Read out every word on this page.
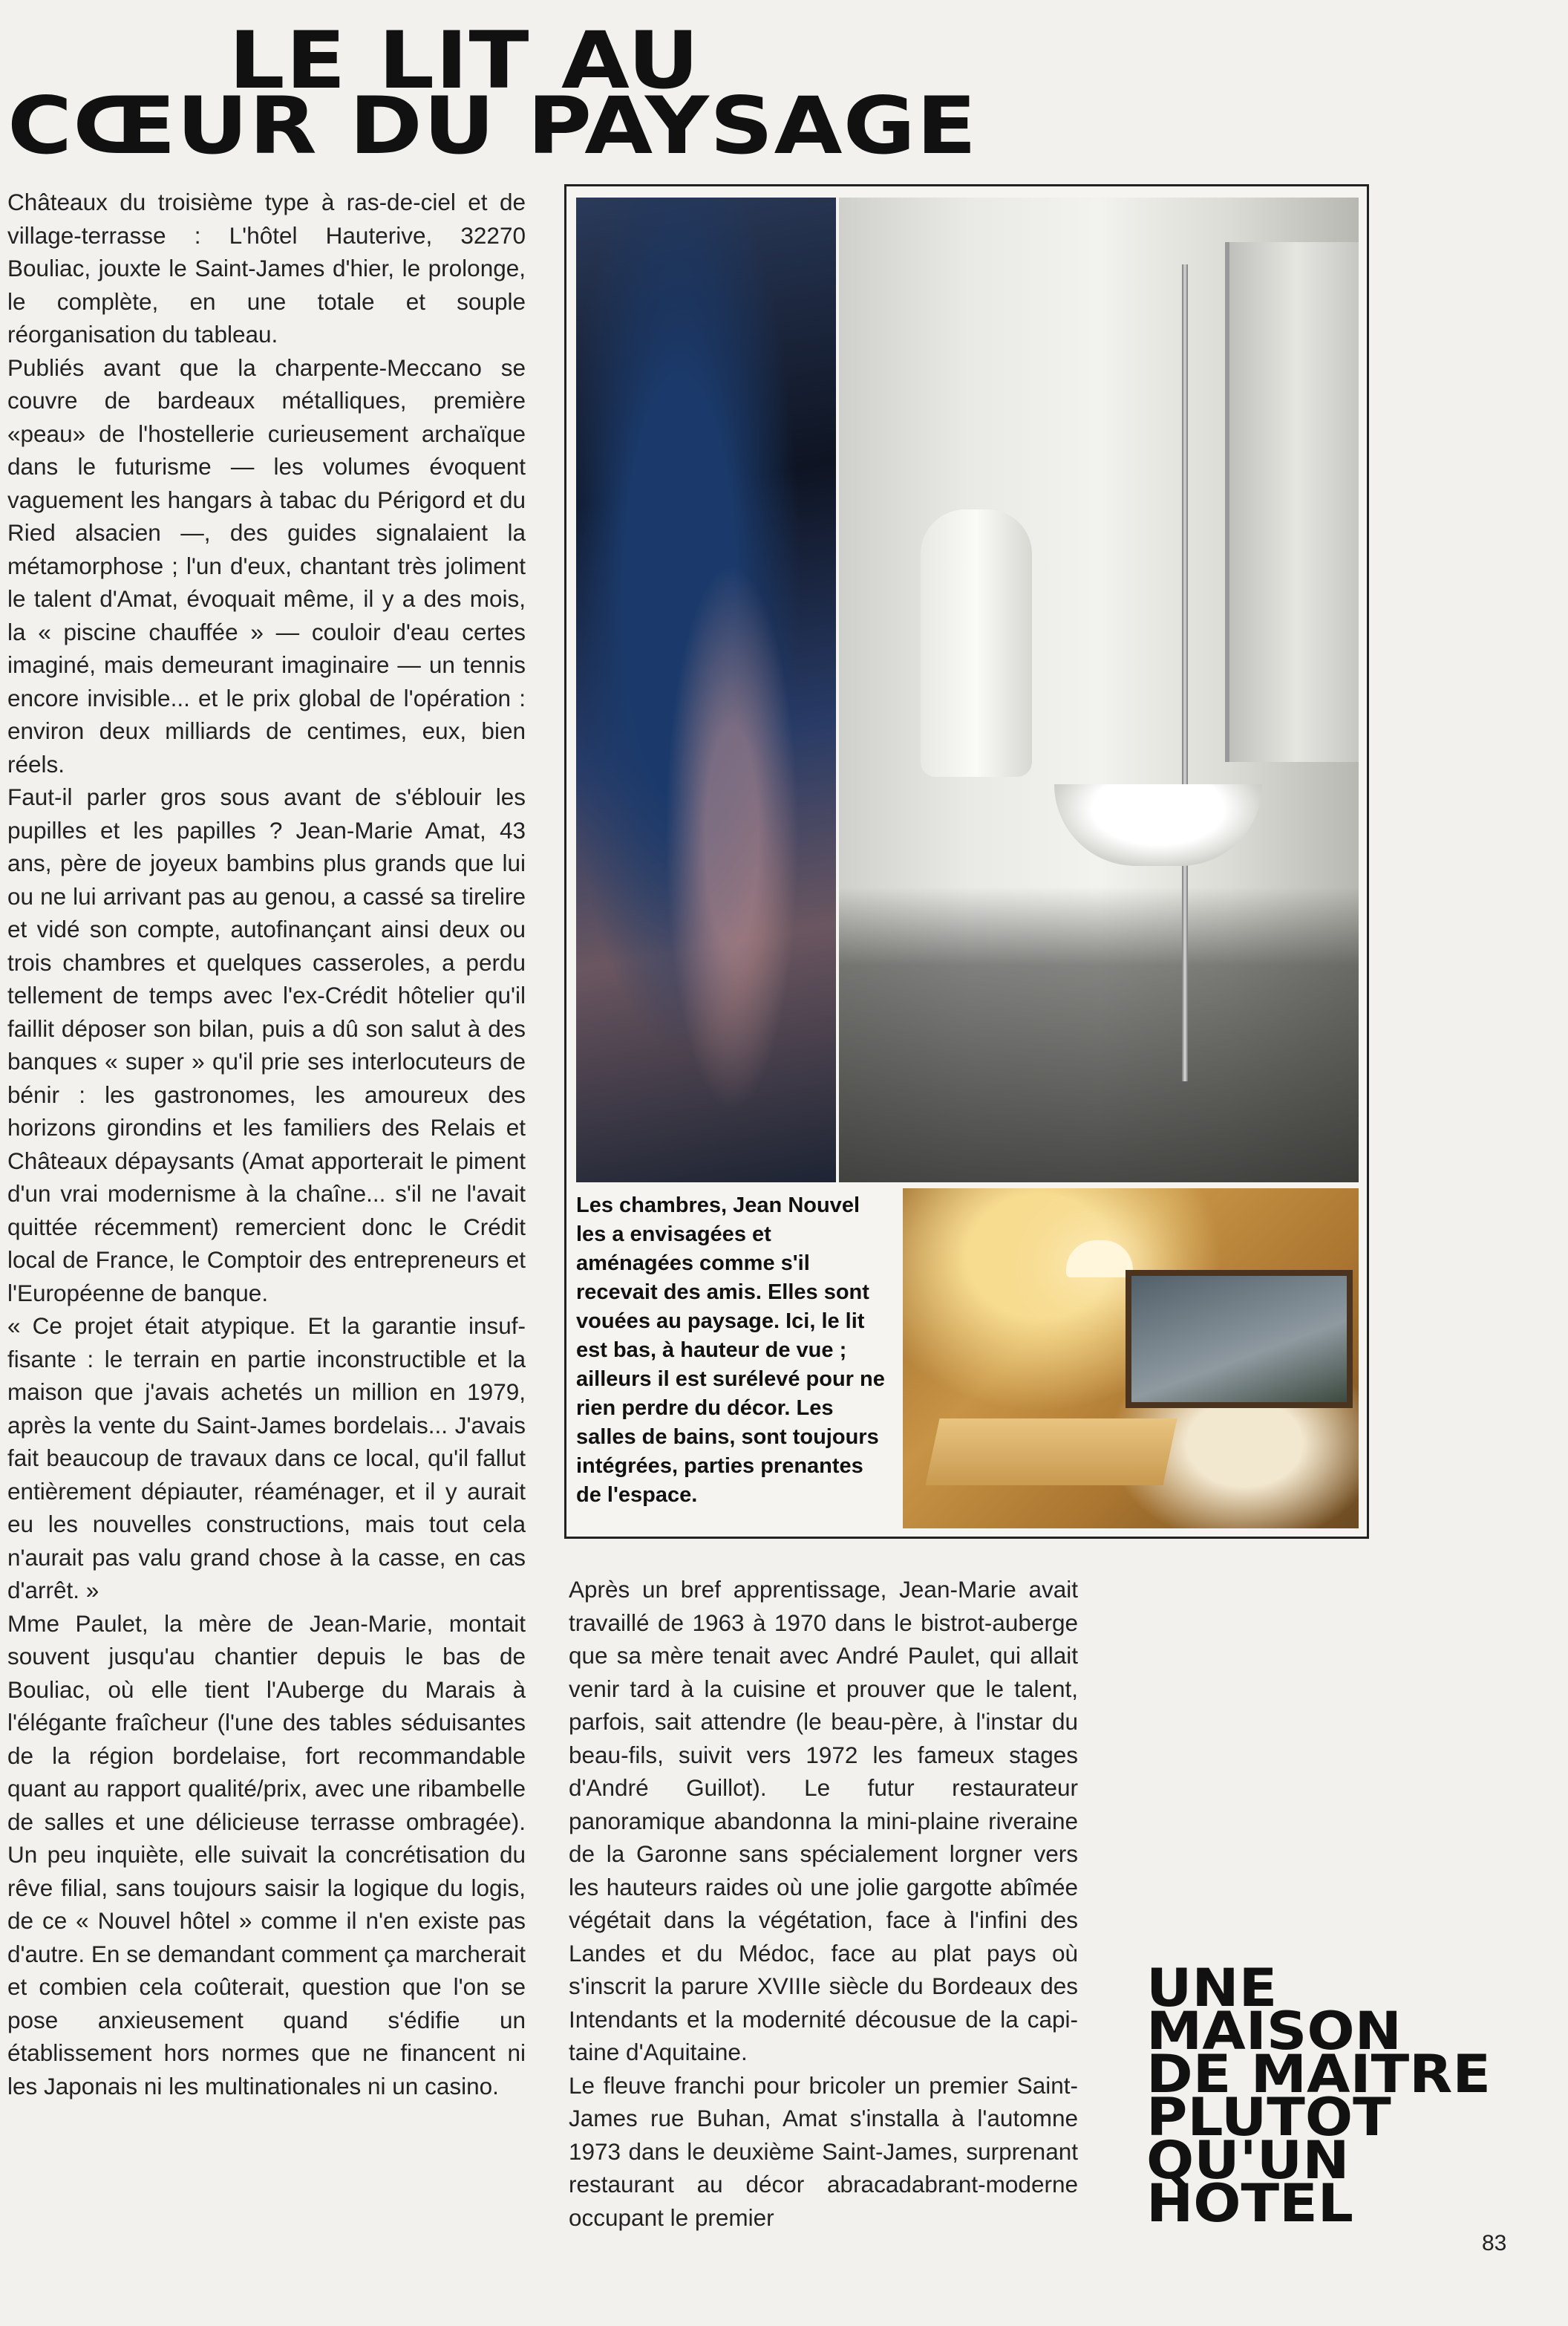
LE LIT AU
CŒUR DU PAYSAGE

Châteaux du troisième type à ras-de-ciel et de village-terrasse : L'hôtel Hauterive, 32270 Bouliac, jouxte le Saint-James d'hier, le prolonge, le complète, en une totale et souple réorganisation du tableau.

Publiés avant que la charpente-Meccano se couvre de bardeaux métalliques, première «peau» de l'hostellerie curieusement archaïque dans le futurisme — les volumes évoquent vaguement les hangars à tabac du Périgord et du Ried alsacien —, des guides signalaient la métamorphose ; l'un d'eux, chantant très joliment le talent d'Amat, évoquait même, il y a des mois, la « piscine chauffée » — couloir d'eau certes imaginé, mais demeurant imaginaire — un tennis encore invisible... et le prix global de l'opération : environ deux milliards de centimes, eux, bien réels.

Faut-il parler gros sous avant de s'éblouir les pupilles et les papilles ? Jean-Marie Amat, 43 ans, père de joyeux bambins plus grands que lui ou ne lui arrivant pas au genou, a cassé sa tirelire et vidé son compte, autofinançant ainsi deux ou trois chambres et quelques casseroles, a perdu tellement de temps avec l'ex-Crédit hôtelier qu'il faillit déposer son bilan, puis a dû son salut à des banques « super » qu'il prie ses interlocuteurs de bénir : les gastronomes, les amoureux des horizons girondins et les familiers des Relais et Châteaux dépaysants (Amat apporterait le piment d'un vrai modernisme à la chaîne... s'il ne l'avait quittée récemment) remercient donc le Crédit local de France, le Comptoir des entrepreneurs et l'Européenne de banque.

« Ce projet était atypique. Et la garantie insuffisante : le terrain en partie inconstructible et la maison que j'avais achetés un million en 1979, après la vente du Saint-James bordelais... J'avais fait beaucoup de travaux dans ce local, qu'il fallut entièrement dépiauter, réaménager, et il y aurait eu les nouvelles constructions, mais tout cela n'aurait pas valu grand chose à la casse, en cas d'arrêt. »

Mme Paulet, la mère de Jean-Marie, montait souvent jusqu'au chantier depuis le bas de Bouliac, où elle tient l'Auberge du Marais à l'élégante fraîcheur (l'une des tables séduisantes de la région bordelaise, fort recommandable quant au rapport qualité/prix, avec une ribambelle de salles et une délicieuse terrasse ombragée). Un peu inquiète, elle suivait la concrétisation du rêve filial, sans toujours saisir la logique du logis, de ce « Nouvel hôtel » comme il n'en existe pas d'autre. En se demandant comment ça marcherait et combien cela coûterait, question que l'on se pose anxieusement quand s'édifie un établissement hors normes que ne financent ni les Japonais ni les multinationales ni un casino.

Les chambres, Jean Nouvel les a envisagées et aménagées comme s'il recevait des amis. Elles sont vouées au paysage. Ici, le lit est bas, à hauteur de vue ; ailleurs il est surélevé pour ne rien perdre du décor. Les salles de bains, sont toujours intégrées, parties prenantes de l'espace.

Après un bref apprentissage, Jean-Marie avait travaillé de 1963 à 1970 dans le bistrot-auberge que sa mère tenait avec André Paulet, qui allait venir tard à la cuisine et prouver que le talent, parfois, sait attendre (le beau-père, à l'instar du beau-fils, suivit vers 1972 les fameux stages d'André Guillot). Le futur restaurateur panoramique abandonna la mini-plaine riveraine de la Garonne sans spécialement lorgner vers les hauteurs raides où une jolie gargotte abîmée végétait dans la végétation, face à l'infini des Landes et du Médoc, face au plat pays où s'inscrit la parure XVIIIe siècle du Bordeaux des Intendants et la modernité décousue de la capitaine d'Aquitaine.

Le fleuve franchi pour bricoler un premier Saint-James rue Buhan, Amat s'installa à l'automne 1973 dans le deuxième Saint-James, surprenant restaurant au décor abracadabrant-moderne occupant le premier

UNE
MAISON
DE MAITRE
PLUTOT
QU'UN
HOTEL
83
